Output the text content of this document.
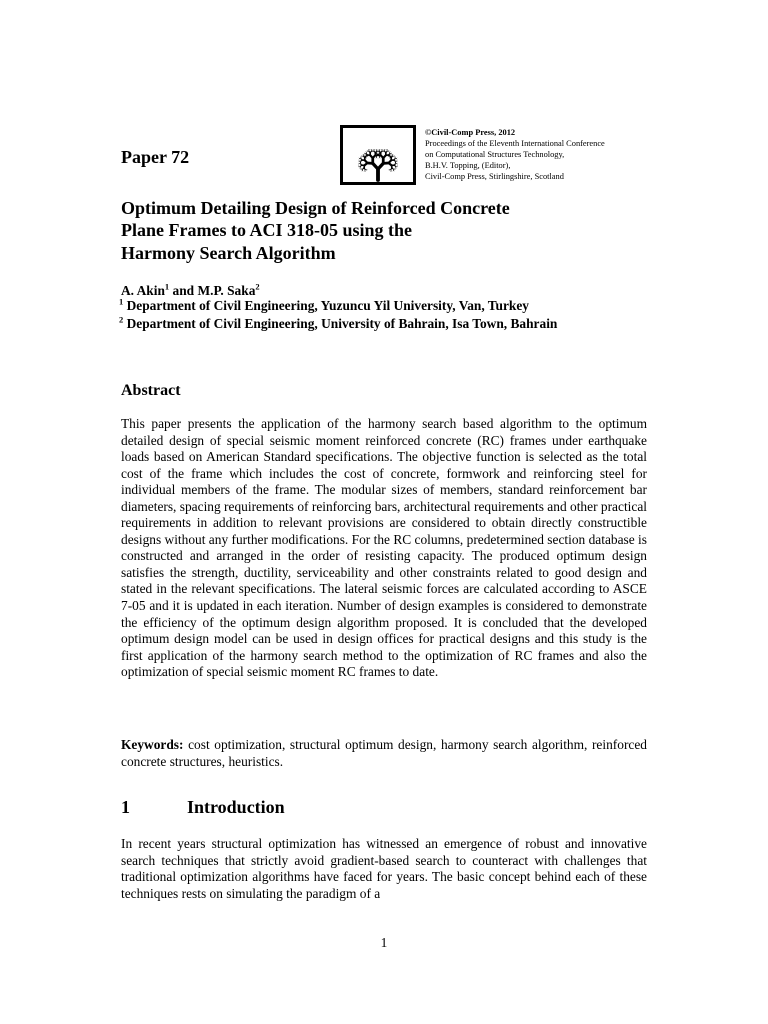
©Civil-Comp Press, 2012
Proceedings of the Eleventh International Conference
on Computational Structures Technology,
B.H.V. Topping, (Editor),
Civil-Comp Press, Stirlingshire, Scotland
Paper 72
Optimum Detailing Design of Reinforced Concrete
Plane Frames to ACI 318-05 using the
Harmony Search Algorithm
A. Akin$^1$ and M.P. Saka$^2$
$^1$ Department of Civil Engineering, Yuzuncu Yil University, Van, Turkey
$^2$ Department of Civil Engineering, University of Bahrain, Isa Town, Bahrain
Abstract
This paper presents the application of the harmony search based algorithm to the optimum detailed design of special seismic moment reinforced concrete (RC) frames under earthquake loads based on American Standard specifications. The objective function is selected as the total cost of the frame which includes the cost of concrete, formwork and reinforcing steel for individual members of the frame. The modular sizes of members, standard reinforcement bar diameters, spacing requirements of reinforcing bars, architectural requirements and other practical requirements in addition to relevant provisions are considered to obtain directly constructible designs without any further modifications. For the RC columns, predetermined section database is constructed and arranged in the order of resisting capacity. The produced optimum design satisfies the strength, ductility, serviceability and other constraints related to good design and stated in the relevant specifications. The lateral seismic forces are calculated according to ASCE 7-05 and it is updated in each iteration. Number of design examples is considered to demonstrate the efficiency of the optimum design algorithm proposed. It is concluded that the developed optimum design model can be used in design offices for practical designs and this study is the first application of the harmony search method to the optimization of RC frames and also the optimization of special seismic moment RC frames to date.
Keywords: cost optimization, structural optimum design, harmony search algorithm, reinforced concrete structures, heuristics.
1	Introduction
In recent years structural optimization has witnessed an emergence of robust and innovative search techniques that strictly avoid gradient-based search to counteract with challenges that traditional optimization algorithms have faced for years. The basic concept behind each of these techniques rests on simulating the paradigm of a
1
